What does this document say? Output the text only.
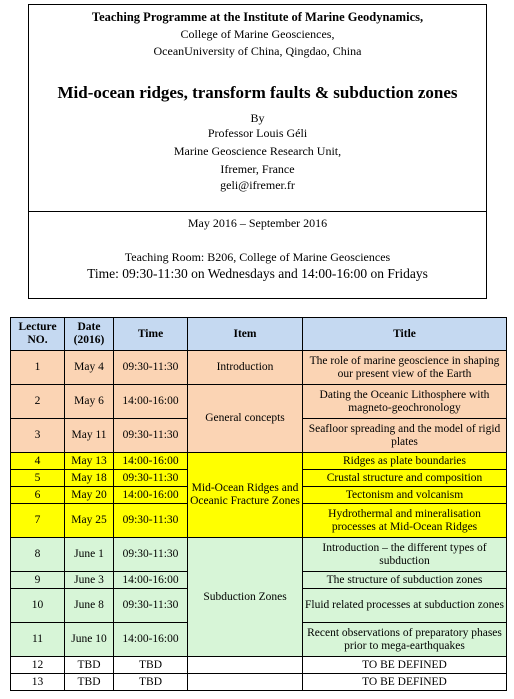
Teaching Programme at the Institute of Marine Geodynamics,
College of Marine Geosciences,
OceanUniversity of China, Qingdao, China
Mid-ocean ridges, transform faults & subduction zones
By
Professor Louis Géli
Marine Geoscience Research Unit,
Ifremer, France
geli@ifremer.fr
May 2016 – September 2016
Teaching Room: B206, College of Marine Geosciences
Time: 09:30-11:30 on Wednesdays and 14:00-16:00 on Fridays
Lecture NO.	Date (2016)	Time	Item	Title
1	May 4	09:30-11:30	Introduction	The role of marine geoscience in shaping our present view of the Earth
2	May 6	14:00-16:00	General concepts	Dating the Oceanic Lithosphere with magneto-geochronology
3	May 11	09:30-11:30		Seafloor spreading and the model of rigid plates
4	May 13	14:00-16:00	Mid-Ocean Ridges and Oceanic Fracture Zones	Ridges as plate boundaries
5	May 18	09:30-11:30		Crustal structure and composition
6	May 20	14:00-16:00		Tectonism and volcanism
7	May 25	09:30-11:30		Hydrothermal and mineralisation processes at Mid-Ocean Ridges
8	June 1	09:30-11:30	Subduction Zones	Introduction – the different types of subduction
9	June 3	14:00-16:00		The structure of subduction zones
10	June 8	09:30-11:30		Fluid related processes at subduction zones
11	June 10	14:00-16:00		Recent observations of preparatory phases prior to mega-earthquakes
12	TBD	TBD		TO BE DEFINED
13	TBD	TBD		TO BE DEFINED
